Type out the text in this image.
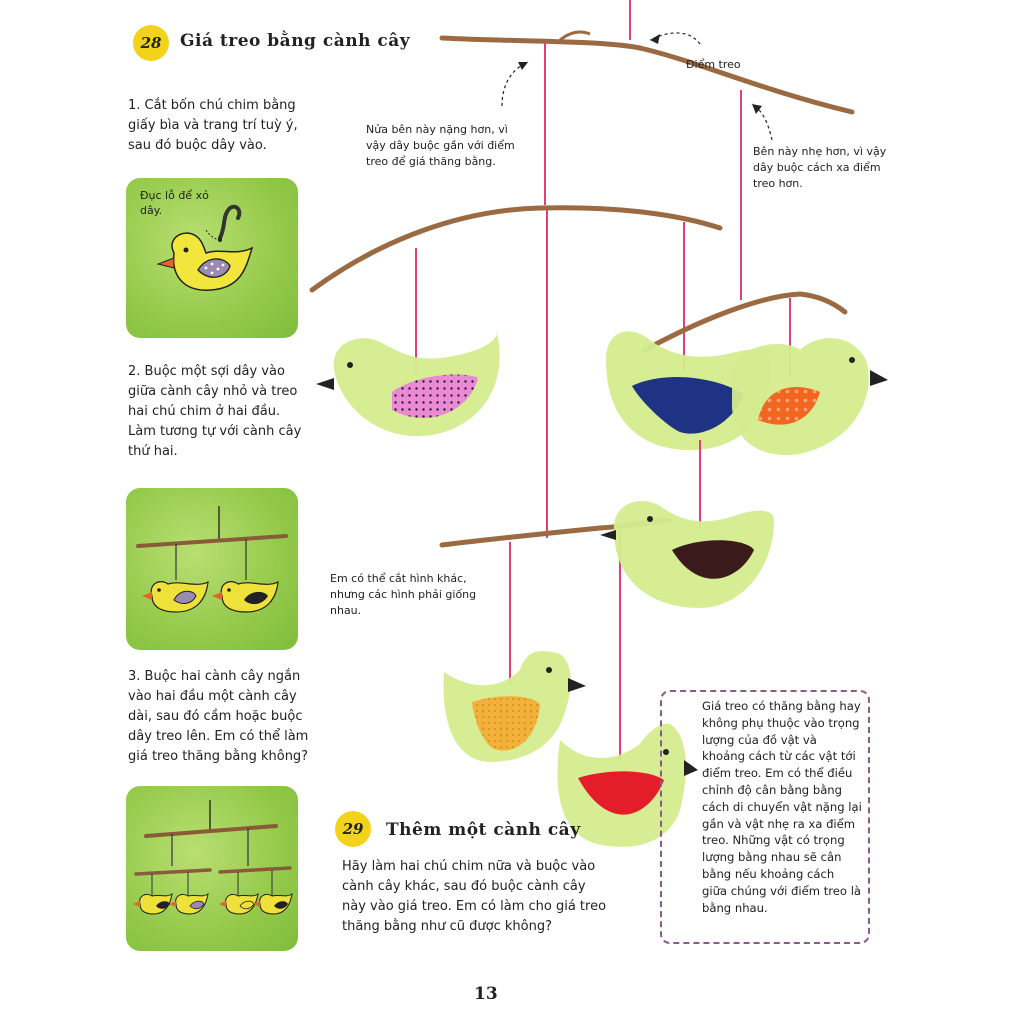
28	Giá treo bằng cành cây
1. Cắt bốn chú chim bằng giấy bìa và trang trí tuỳ ý, sau đó buộc dây vào.
2. Buộc một sợi dây vào giữa cành cây nhỏ và treo hai chú chim ở hai đầu. Làm tương tự với cành cây thứ hai.
3. Buộc hai cành cây ngắn vào hai đầu một cành cây dài, sau đó cầm hoặc buộc dây treo lên. Em có thể làm giá treo thăng bằng không?
Đục lỗ để xỏ dây.
Điểm treo
Nửa bên này nặng hơn, vì vậy dây buộc gần với điểm treo để giá thăng bằng.
Bên này nhẹ hơn, vì vậy dây buộc cách xa điểm treo hơn.
Em có thể cắt hình khác, nhưng các hình phải giống nhau.
Giá treo có thăng bằng hay không phụ thuộc vào trọng lượng của đồ vật và khoảng cách từ các vật tới điểm treo. Em có thể điều chỉnh độ cân bằng bằng cách di chuyển vật nặng lại gần và vật nhẹ ra xa điểm treo. Những vật có trọng lượng bằng nhau sẽ cân bằng nếu khoảng cách giữa chúng với điểm treo là bằng nhau.
29	Thêm một cành cây
Hãy làm hai chú chim nữa và buộc vào cành cây khác, sau đó buộc cành cây này vào giá treo. Em có làm cho giá treo thăng bằng như cũ được không?
13
